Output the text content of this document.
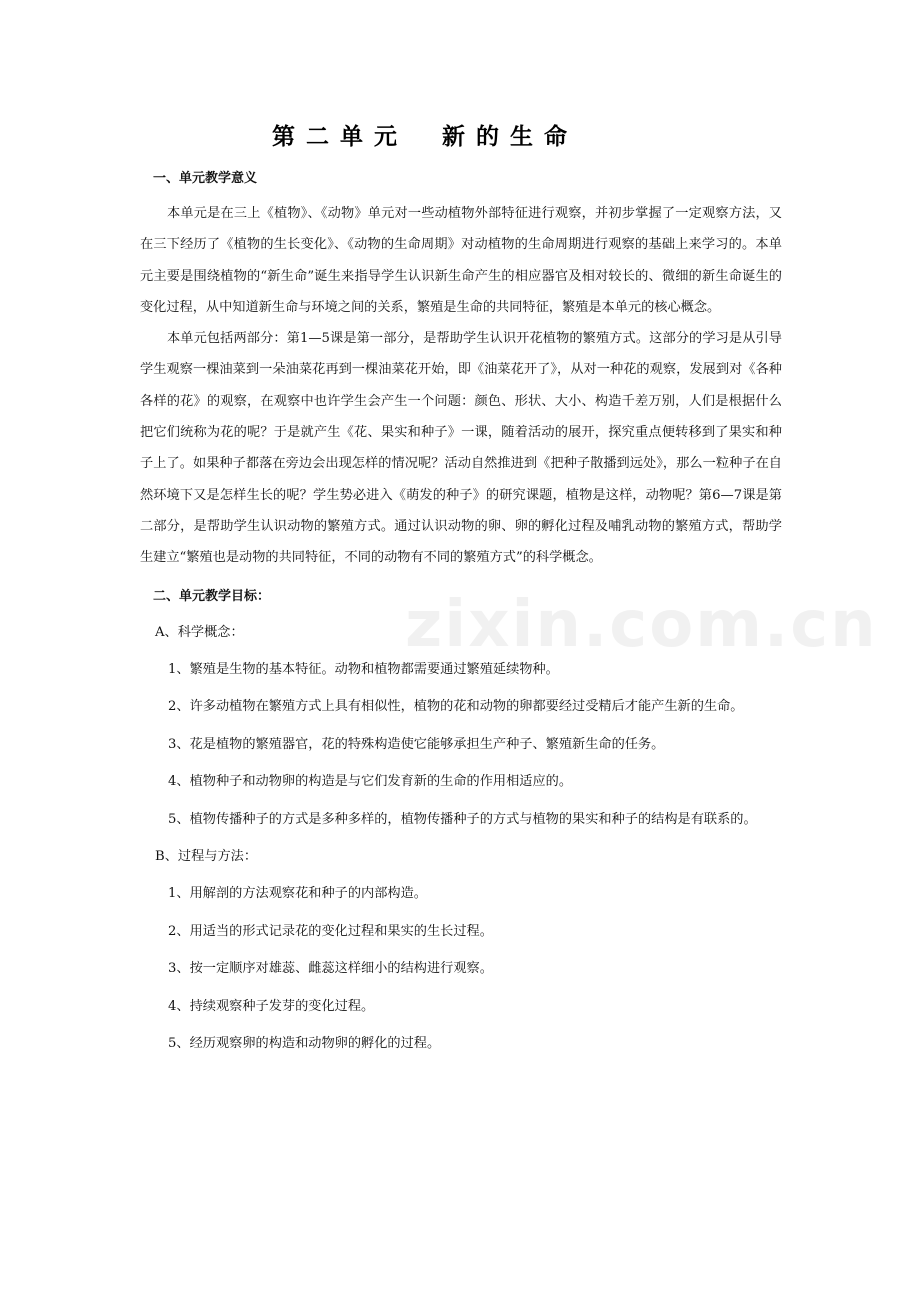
第二单元 新的生命
zixin.com.cn
一、单元教学意义

本单元是在三上《植物》、《动物》单元对一些动植物外部特征进行观察，并初步掌握了一定观察方法，又在三下经历了《植物的生长变化》、《动物的生命周期》对动植物的生命周期进行观察的基础上来学习的。本单元主要是围绕植物的“新生命”诞生来指导学生认识新生命产生的相应器官及相对较长的、微细的新生命诞生的变化过程，从中知道新生命与环境之间的关系，繁殖是生命的共同特征，繁殖是本单元的核心概念。

本单元包括两部分：第1—5课是第一部分，是帮助学生认识开花植物的繁殖方式。这部分的学习是从引导学生观察一棵油菜到一朵油菜花再到一棵油菜花开始，即《油菜花开了》，从对一种花的观察，发展到对《各种各样的花》的观察，在观察中也许学生会产生一个问题：颜色、形状、大小、构造千差万别，人们是根据什么把它们统称为花的呢？于是就产生《花、果实和种子》一课，随着活动的展开，探究重点便转移到了果实和种子上了。如果种子都落在旁边会出现怎样的情况呢？活动自然推进到《把种子散播到远处》，那么一粒种子在自然环境下又是怎样生长的呢？学生势必进入《萌发的种子》的研究课题，植物是这样，动物呢？第6—7课是第二部分，是帮助学生认识动物的繁殖方式。通过认识动物的卵、卵的孵化过程及哺乳动物的繁殖方式，帮助学生建立“繁殖也是动物的共同特征，不同的动物有不同的繁殖方式”的科学概念。

二、单元教学目标：

A、科学概念：

1、繁殖是生物的基本特征。动物和植物都需要通过繁殖延续物种。

2、许多动植物在繁殖方式上具有相似性，植物的花和动物的卵都要经过受精后才能产生新的生命。

3、花是植物的繁殖器官，花的特殊构造使它能够承担生产种子、繁殖新生命的任务。

4、植物种子和动物卵的构造是与它们发育新的生命的作用相适应的。

5、植物传播种子的方式是多种多样的，植物传播种子的方式与植物的果实和种子的结构是有联系的。

B、过程与方法：

1、用解剖的方法观察花和种子的内部构造。

2、用适当的形式记录花的变化过程和果实的生长过程。

3、按一定顺序对雄蕊、雌蕊这样细小的结构进行观察。

4、持续观察种子发芽的变化过程。

5、经历观察卵的构造和动物卵的孵化的过程。
